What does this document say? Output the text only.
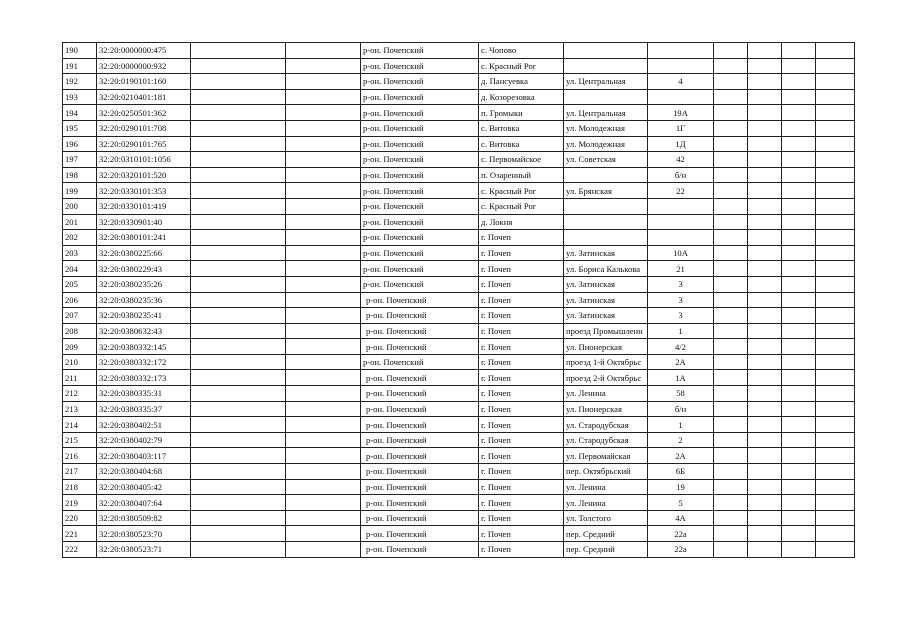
190	32:20:0000000:475			р-он. Почепский	с. Чопово						
191	32:20:0000000:932			р-он. Почепский	с. Красный Рог						
192	32:20:0190101:160			р-он. Почепский	д. Пансуевка	ул. Центральная	4				
193	32:20:0210401:181			р-он. Почепский	д. Козорезовка						
194	32:20:0250501:362			р-он. Почепский	п. Громыки	ул. Центральная	19А				
195	32:20:0290101:708			р-он. Почепский	с. Витовка	ул. Молодежная	1Г				
196	32:20:0290101:765			р-он. Почепский	с. Витовка	ул. Молодежная	1Д				
197	32:20:0310101:1056			р-он. Почепский	с. Первомайское	ул. Советская	42				
198	32:20:0320101:520			р-он. Почепский	п. Озаренный		б/н				
199	32:20:0330101:353			р-он. Почепский	с. Красный Рог	ул. Брянская	22				
200	32:20:0330101:419			р-он. Почепский	с. Красный Рог						
201	32:20:0330901:40			р-он. Почепский	д. Локня						
202	32:20:0380101:241			р-он. Почепский	г. Почеп						
203	32:20:0380225:66			р-он. Почепский	г. Почеп	ул. Затинская	10А				
204	32:20:0380229:43			р-он. Почепский	г. Почеп	ул. Бориса Калькова	21				
205	32:20:0380235:26			р-он. Почепский	г. Почеп	ул. Затинская	3				
206	32:20:0380235:36			р-он. Почепский	г. Почеп	ул. Затинская	3				
207	32:20:0380235:41			р-он. Почепский	г. Почеп	ул. Затинская	3				
208	32:20:0380632:43			р-он. Почепский	г. Почеп	проезд Промышленн	1				
209	32:20:0380332:145			р-он. Почепский	г. Почеп	ул. Пионерская	4/2				
210	32:20:0380332:172			р-он. Почепский	г. Почеп	проезд 1-й Октябрьс	2А				
211	32:20:0380332:173			р-он. Почепский	г. Почеп	проезд 2-й Октябрьс	1А				
212	32:20:0380335:31			р-он. Почепский	г. Почеп	ул. Ленина	58				
213	32:20:0380335:37			р-он. Почепский	г. Почеп	ул. Пионерская	б/н				
214	32:20:0380402:51			р-он. Почепский	г. Почеп	ул. Стародубская	1				
215	32:20:0380402:79			р-он. Почепский	г. Почеп	ул. Стародубская	2				
216	32:20:0380403:117			р-он. Почепский	г. Почеп	ул. Первомайская	2А				
217	32:20:0380404:68			р-он. Почепский	г. Почеп	пер. Октябрьский	6Б				
218	32:20:0380405:42			р-он. Почепский	г. Почеп	ул. Ленина	19				
219	32:20:0380407:64			р-он. Почепский	г. Почеп	ул. Ленина	5				
220	32:20:0380509:82			р-он. Почепский	г. Почеп	ул. Толстого	4А				
221	32:20:0380523:70			р-он. Почепский	г. Почеп	пер. Средний	22а				
222	32:20:0380523:71			р-он. Почепский	г. Почеп	пер. Средний	22а				
